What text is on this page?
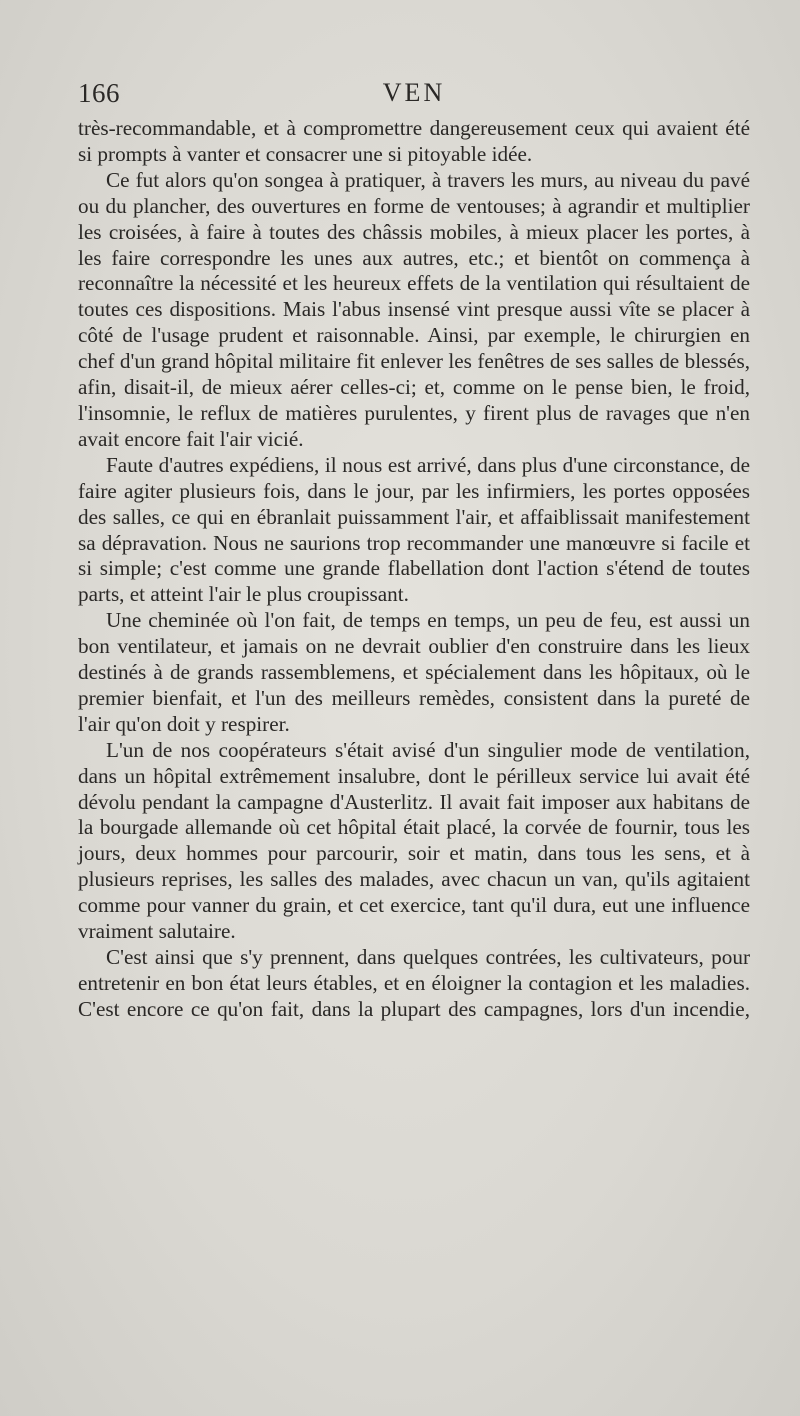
166	VEN

très-recommandable, et à compromettre dangereusement ceux qui avaient été si prompts à vanter et consacrer une si pitoyable idée.

Ce fut alors qu'on songea à pratiquer, à travers les murs, au niveau du pavé ou du plancher, des ouvertures en forme de ventouses; à agrandir et multiplier les croisées, à faire à toutes des châssis mobiles, à mieux placer les portes, à les faire correspondre les unes aux autres, etc.; et bientôt on commença à reconnaître la nécessité et les heureux effets de la ventilation qui résultaient de toutes ces dispositions. Mais l'abus insensé vint presque aussi vîte se placer à côté de l'usage prudent et raisonnable. Ainsi, par exemple, le chirurgien en chef d'un grand hôpital militaire fit enlever les fenêtres de ses salles de blessés, afin, disait-il, de mieux aérer celles-ci; et, comme on le pense bien, le froid, l'insomnie, le reflux de matières purulentes, y firent plus de ravages que n'en avait encore fait l'air vicié.

Faute d'autres expédiens, il nous est arrivé, dans plus d'une circonstance, de faire agiter plusieurs fois, dans le jour, par les infirmiers, les portes opposées des salles, ce qui en ébranlait puissamment l'air, et affaiblissait manifestement sa dépravation. Nous ne saurions trop recommander une manœuvre si facile et si simple; c'est comme une grande flabellation dont l'action s'étend de toutes parts, et atteint l'air le plus croupissant.

Une cheminée où l'on fait, de temps en temps, un peu de feu, est aussi un bon ventilateur, et jamais on ne devrait oublier d'en construire dans les lieux destinés à de grands rassemblemens, et spécialement dans les hôpitaux, où le premier bienfait, et l'un des meilleurs remèdes, consistent dans la pureté de l'air qu'on doit y respirer.

L'un de nos coopérateurs s'était avisé d'un singulier mode de ventilation, dans un hôpital extrêmement insalubre, dont le périlleux service lui avait été dévolu pendant la campagne d'Austerlitz. Il avait fait imposer aux habitans de la bourgade allemande où cet hôpital était placé, la corvée de fournir, tous les jours, deux hommes pour parcourir, soir et matin, dans tous les sens, et à plusieurs reprises, les salles des malades, avec chacun un van, qu'ils agitaient comme pour vanner du grain, et cet exercice, tant qu'il dura, eut une influence vraiment salutaire.

C'est ainsi que s'y prennent, dans quelques contrées, les cultivateurs, pour entretenir en bon état leurs étables, et en éloigner la contagion et les maladies. C'est encore ce qu'on fait, dans la plupart des campagnes, lors d'un incendie,
